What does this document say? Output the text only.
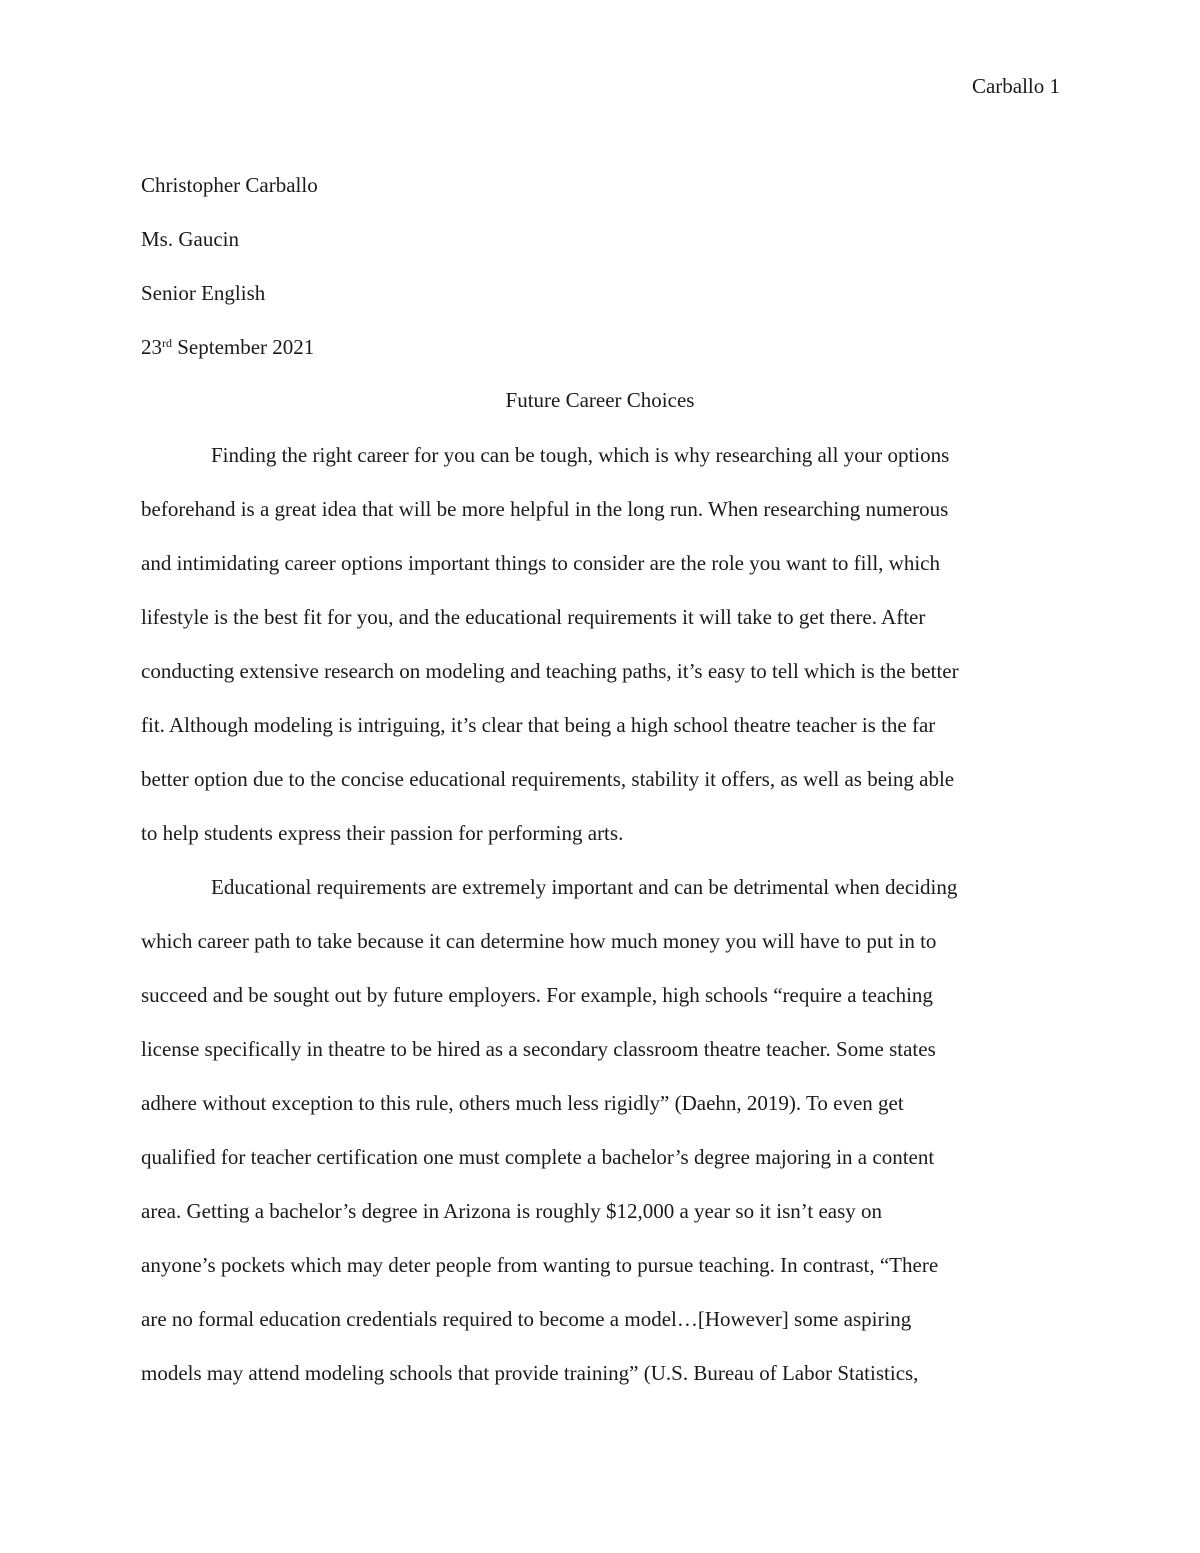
Carballo 1
Christopher Carballo
Ms. Gaucin
Senior English
23rd September 2021
Future Career Choices
Finding the right career for you can be tough, which is why researching all your options
beforehand is a great idea that will be more helpful in the long run. When researching numerous
and intimidating career options important things to consider are the role you want to fill, which
lifestyle is the best fit for you, and the educational requirements it will take to get there. After
conducting extensive research on modeling and teaching paths, it’s easy to tell which is the better
fit. Although modeling is intriguing, it’s clear that being a high school theatre teacher is the far
better option due to the concise educational requirements, stability it offers, as well as being able
to help students express their passion for performing arts.
Educational requirements are extremely important and can be detrimental when deciding
which career path to take because it can determine how much money you will have to put in to
succeed and be sought out by future employers. For example, high schools “require a teaching
license specifically in theatre to be hired as a secondary classroom theatre teacher. Some states
adhere without exception to this rule, others much less rigidly” (Daehn, 2019). To even get
qualified for teacher certification one must complete a bachelor’s degree majoring in a content
area. Getting a bachelor’s degree in Arizona is roughly $12,000 a year so it isn’t easy on
anyone’s pockets which may deter people from wanting to pursue teaching. In contrast, “There
are no formal education credentials required to become a model…[However] some aspiring
models may attend modeling schools that provide training” (U.S. Bureau of Labor Statistics,
